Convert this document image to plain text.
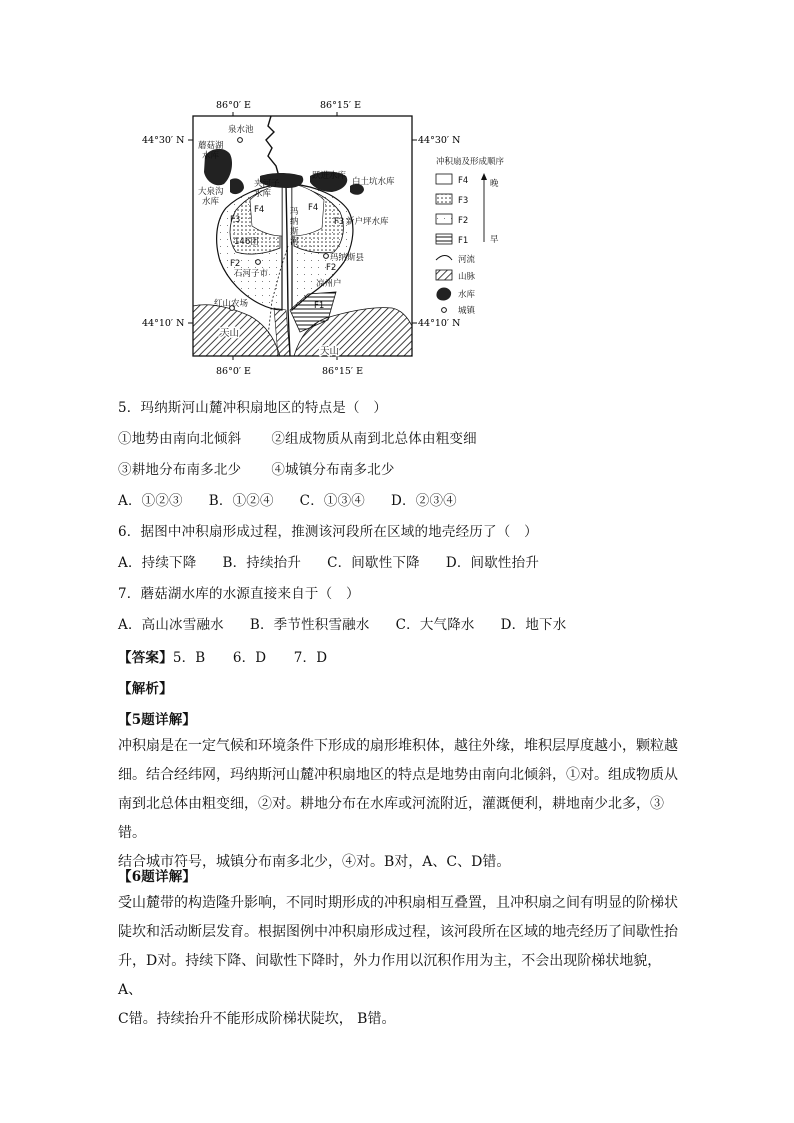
86°0′ E	86°15′ E
86°0′ E	86°15′ E
44°30′ N	44°30′ N
44°10′ N	44°10′ N
泉水池
蘑菇湖
水库
夹河子
水库
跃进水库
白土坑水库
大泉沟
水库
新户坪水库
F4	F4
F3	F3
F2	F2
F1
玛
纳
斯
河
146团
石河子市
玛纳斯县
凉州户
红山农场
天山
天山
冲积扇及形成顺序
F4
F3
F2
F1
晚
早
河流
山脉
水库
城镇
5．玛纳斯河山麓冲积扇地区的特点是（　）
①地势由南向北倾斜 ②组成物质从南到北总体由粗变细
③耕地分布南多北少 ④城镇分布南多北少
A．①②③ B．①②④ C．①③④ D．②③④
6．据图中冲积扇形成过程，推测该河段所在区域的地壳经历了（　）
A．持续下降 B．持续抬升 C．间歇性下降 D．间歇性抬升
7．蘑菇湖水库的水源直接来自于（　）
A．高山冰雪融水 B．季节性积雪融水 C．大气降水 D．地下水
【答案】5．B　　6．D　　7．D
【解析】
【5题详解】

冲积扇是在一定气候和环境条件下形成的扇形堆积体，越往外缘，堆积层厚度越小，颗粒越

细。结合经纬网，玛纳斯河山麓冲积扇地区的特点是地势由南向北倾斜，①对。组成物质从

南到北总体由粗变细，②对。耕地分布在水库或河流附近，灌溉便利，耕地南少北多，③错。

结合城市符号，城镇分布南多北少，④对。B对，A、C、D错。

【6题详解】

受山麓带的构造隆升影响，不同时期形成的冲积扇相互叠置，且冲积扇之间有明显的阶梯状

陡坎和活动断层发育。根据图例中冲积扇形成过程，该河段所在区域的地壳经历了间歇性抬

升，D对。持续下降、间歇性下降时，外力作用以沉积作用为主，不会出现阶梯状地貌，A、

C错。持续抬升不能形成阶梯状陡坎， B错。
